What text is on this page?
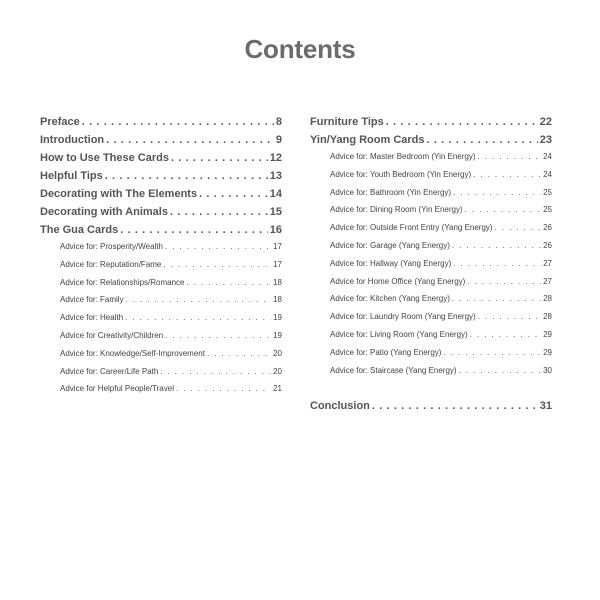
Contents
Preface . . .	8
Introduction . . .	9
How to Use These Cards . . .	12
Helpful Tips . . .	13
Decorating with The Elements . . .	14
Decorating with Animals . . .	15
The Gua Cards . . .	16
Advice for: Prosperity/Wealth . . .	17
Advice for: Reputation/Fame . . .	17
Advice for: Relationships/Romance . . .	18
Advice for: Family . . .	18
Advice for: Health . . .	19
Advice for Creativity/Children . . .	19
Advice for: Knowledge/Self-Improvement . . .	20
Advice for: Career/Life Path . . .	20
Advice for Helpful People/Travel . . .	21
Furniture Tips . . .	22
Yin/Yang Room Cards . . .	23
Advice for: Master Bedroom (Yin Energy) . . .	24
Advice for: Youth Bedroom (Yin Energy) . . .	24
Advice for: Bathroom (Yin Energy) . . .	25
Advice for: Dining Room (Yin Energy) . . .	25
Advice for: Outside Front Entry (Yang Energy) . . .	26
Advice for: Garage (Yang Energy) . . .	26
Advice for: Hallway (Yang Energy) . . .	27
Advice for Home Office (Yang Energy) . . .	27
Advice for: Kitchen (Yang Energy) . . .	28
Advice for: Laundry Room (Yang Energy) . . .	28
Advice for: Living Room (Yang Energy) . . .	29
Advice for: Patio (Yang Energy) . . .	29
Advice for: Staircase (Yang Energy) . . .	30
Conclusion . . .	31
